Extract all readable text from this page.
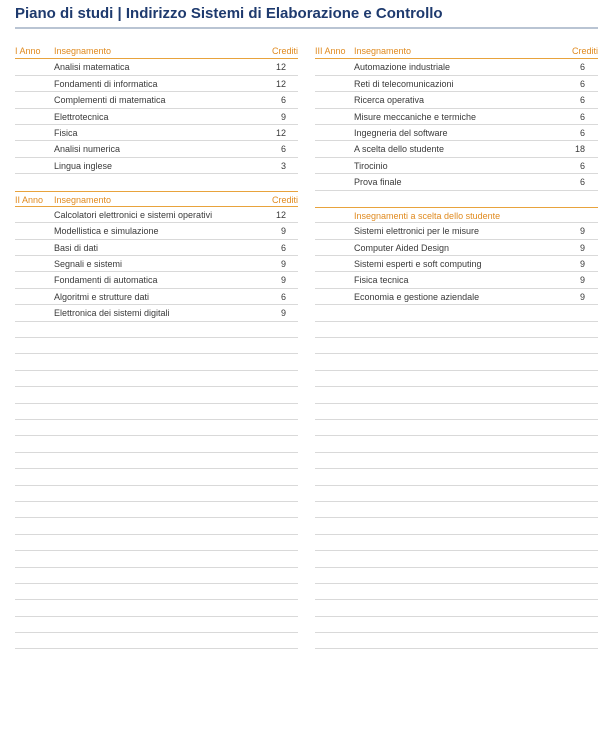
Piano di studi | Indirizzo Sistemi di Elaborazione e Controllo
I Anno Insegnamento	Crediti
Analisi matematica	12
Fondamenti di informatica	12
Complementi di matematica	6
Elettrotecnica	9
Fisica	12
Analisi numerica	6
Lingua inglese	3
II Anno Insegnamento	Crediti
Calcolatori elettronici e sistemi operativi	12
Modellistica e simulazione	9
Basi di dati	6
Segnali e sistemi	9
Fondamenti di automatica	9
Algoritmi e strutture dati	6
Elettronica dei sistemi digitali	9
III Anno Insegnamento	Crediti
Automazione industriale	6
Reti di telecomunicazioni	6
Ricerca operativa	6
Misure meccaniche e termiche	6
Ingegneria del software	6
A scelta dello studente	18
Tirocinio	6
Prova finale	6
Insegnamenti a scelta dello studente
Sistemi elettronici per le misure	9
Computer Aided Design	9
Sistemi esperti e soft computing	9
Fisica tecnica	9
Economia e gestione aziendale	9
